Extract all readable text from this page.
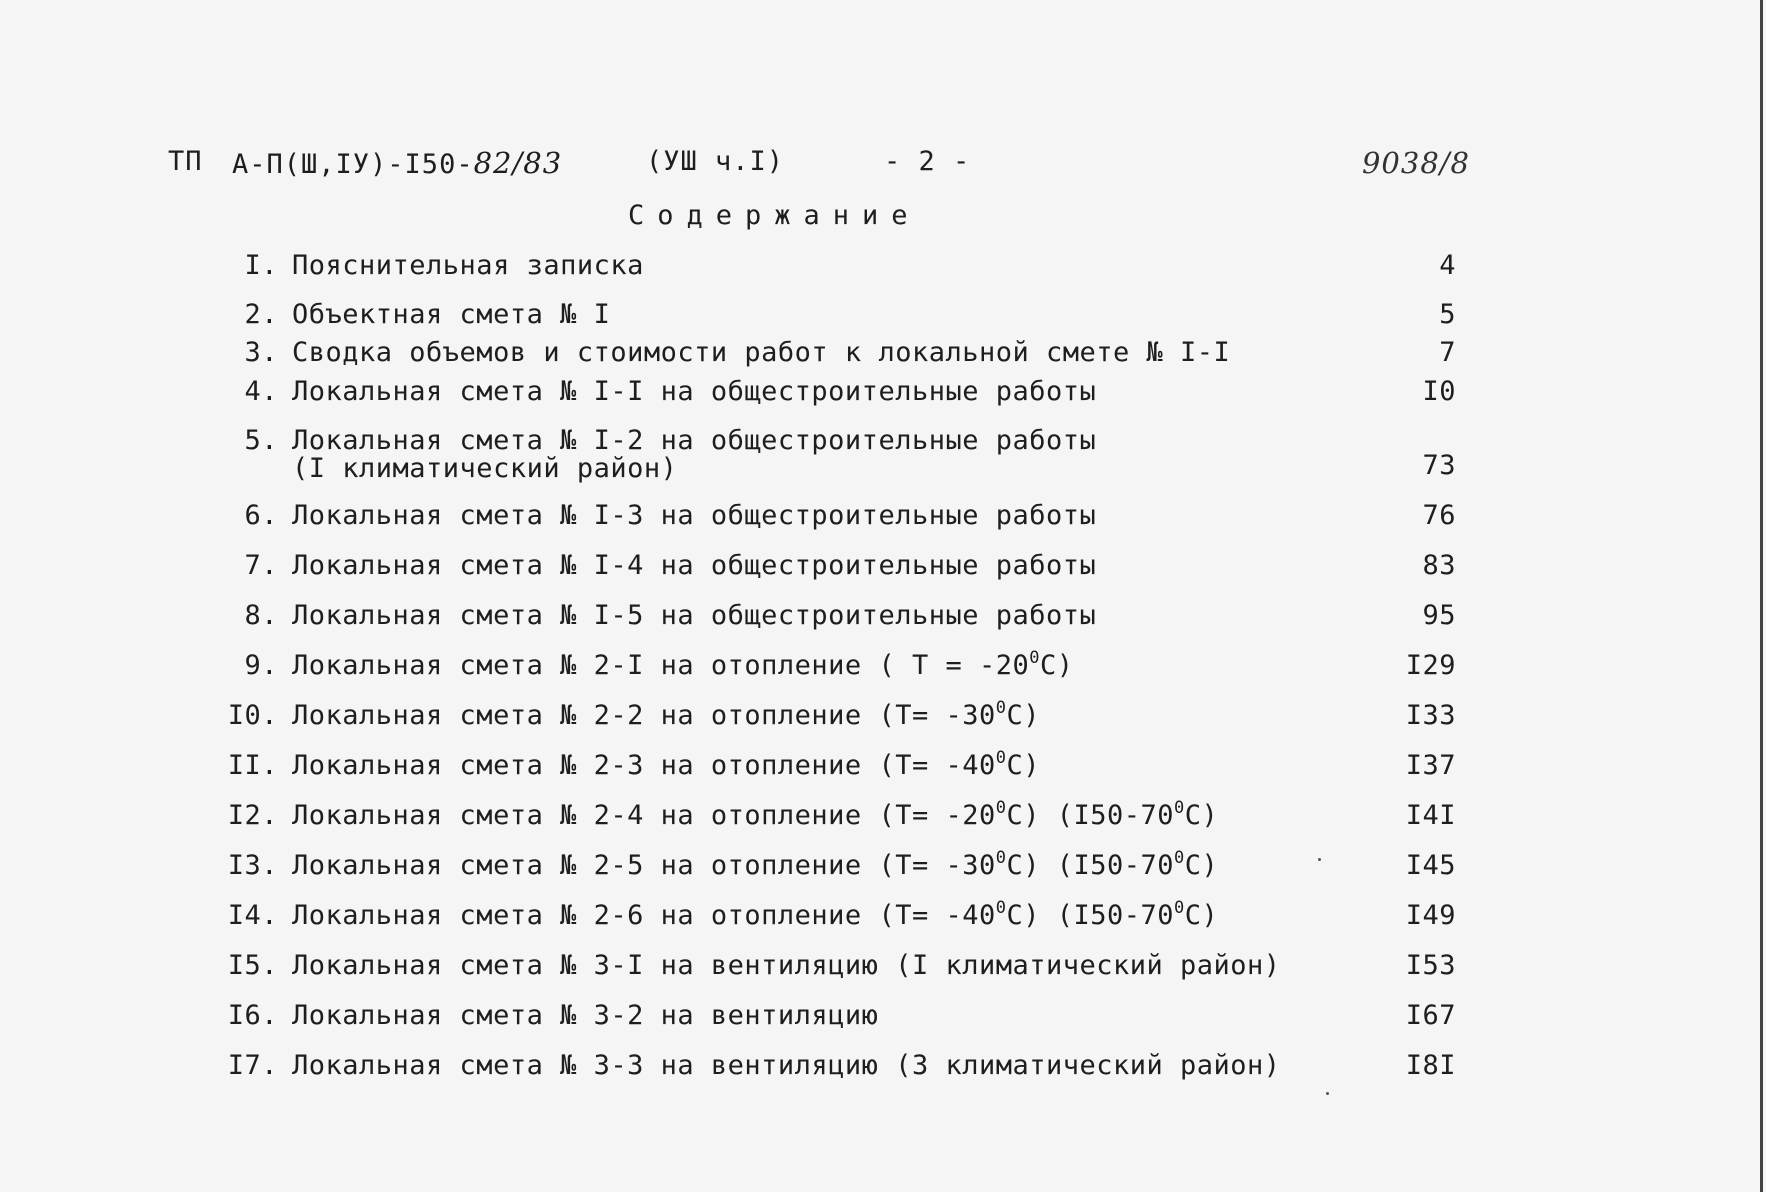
ТП А-П(Ш,IУ)-I50-82/83	(УШ ч.I)	- 2 -	9038/8
Содержание
I. Пояснительная записка	4
2. Объектная смета № I	5
3. Сводка объемов и стоимости работ к локальной смете № I-I	7
4. Локальная смета № I-I на общестроительные работы	I0
5. Локальная смета № I-2 на общестроительные работы
(I климатический район)	73
6. Локальная смета № I-3 на общестроительные работы	76
7. Локальная смета № I-4 на общестроительные работы	83
8. Локальная смета № I-5 на общестроительные работы	95
9. Локальная смета № 2-I на отопление ( $Т = -20^0С$)	I29
I0. Локальная смета № 2-2 на отопление $(Т= -30^0С)$	I33
II. Локальная смета № 2-3 на отопление $(Т= -40^0С)$	I37
I2. Локальная смета № 2-4 на отопление $(Т= -20^0С)$ $(I50-70^0С)$	I4I
I3. Локальная смета № 2-5 на отопление $(Т= -30^0С)$ $(I50-70^0С)$	I45
I4. Локальная смета № 2-6 на отопление $(Т= -40^0С)$ $(I50-70^0С)$	I49
I5. Локальная смета № 3-I на вентиляцию (I климатический район)	I53
I6. Локальная смета № 3-2 на вентиляцию	I67
I7. Локальная смета № 3-3 на вентиляцию (3 климатический район)	I8I
